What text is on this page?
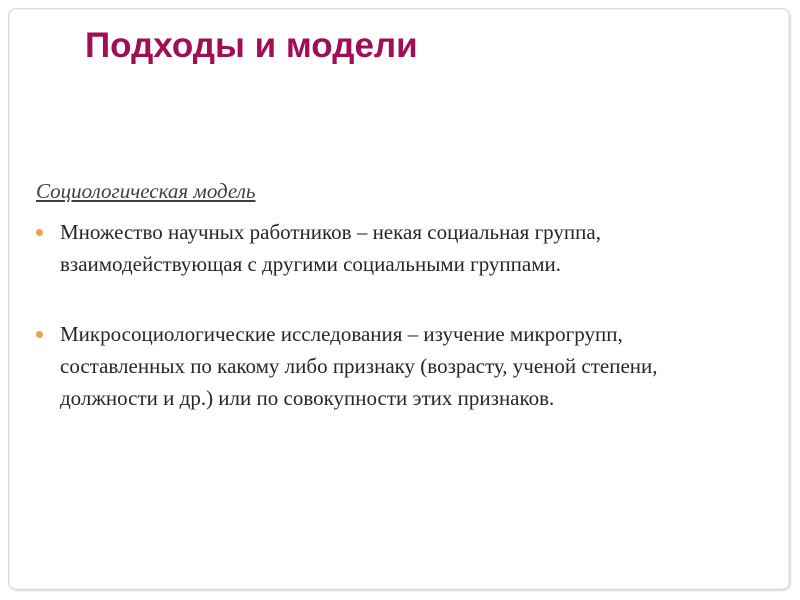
Подходы и модели

Социологическая модель

Множество научных работников – некая социальная группа, взаимодействующая с другими социальными группами.
Микросоциологические исследования – изучение микрогрупп, составленных по какому либо признаку (возрасту, ученой степени, должности и др.) или по совокупности этих признаков.
